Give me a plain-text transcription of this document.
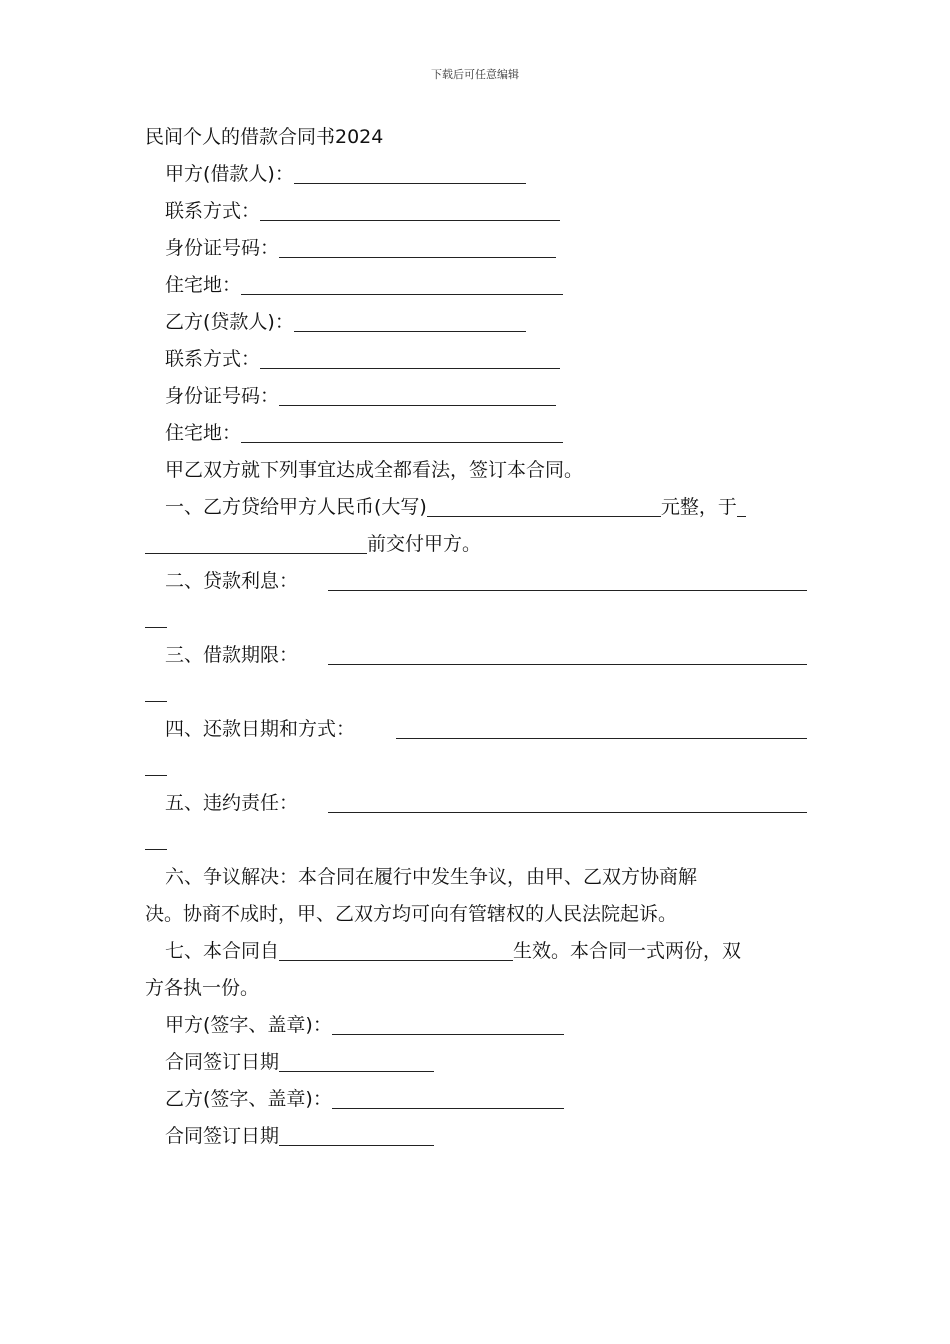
下载后可任意编辑
民间个人的借款合同书2024
甲方(借款人)：
联系方式：
身份证号码：
住宅地：
乙方(贷款人)：
联系方式：
身份证号码：
住宅地：
甲乙双方就下列事宜达成全都看法，签订本合同。
一、乙方贷给甲方人民币(大写)	元整，于
前交付甲方。
二、贷款利息：
三、借款期限：
四、还款日期和方式：
五、违约责任：
六、争议解决：本合同在履行中发生争议，由甲、乙双方协商解
决。协商不成时，甲、乙双方均可向有管辖权的人民法院起诉。
七、本合同自	生效。本合同一式两份，双
方各执一份。
甲方(签字、盖章)：
合同签订日期
乙方(签字、盖章)：
合同签订日期
